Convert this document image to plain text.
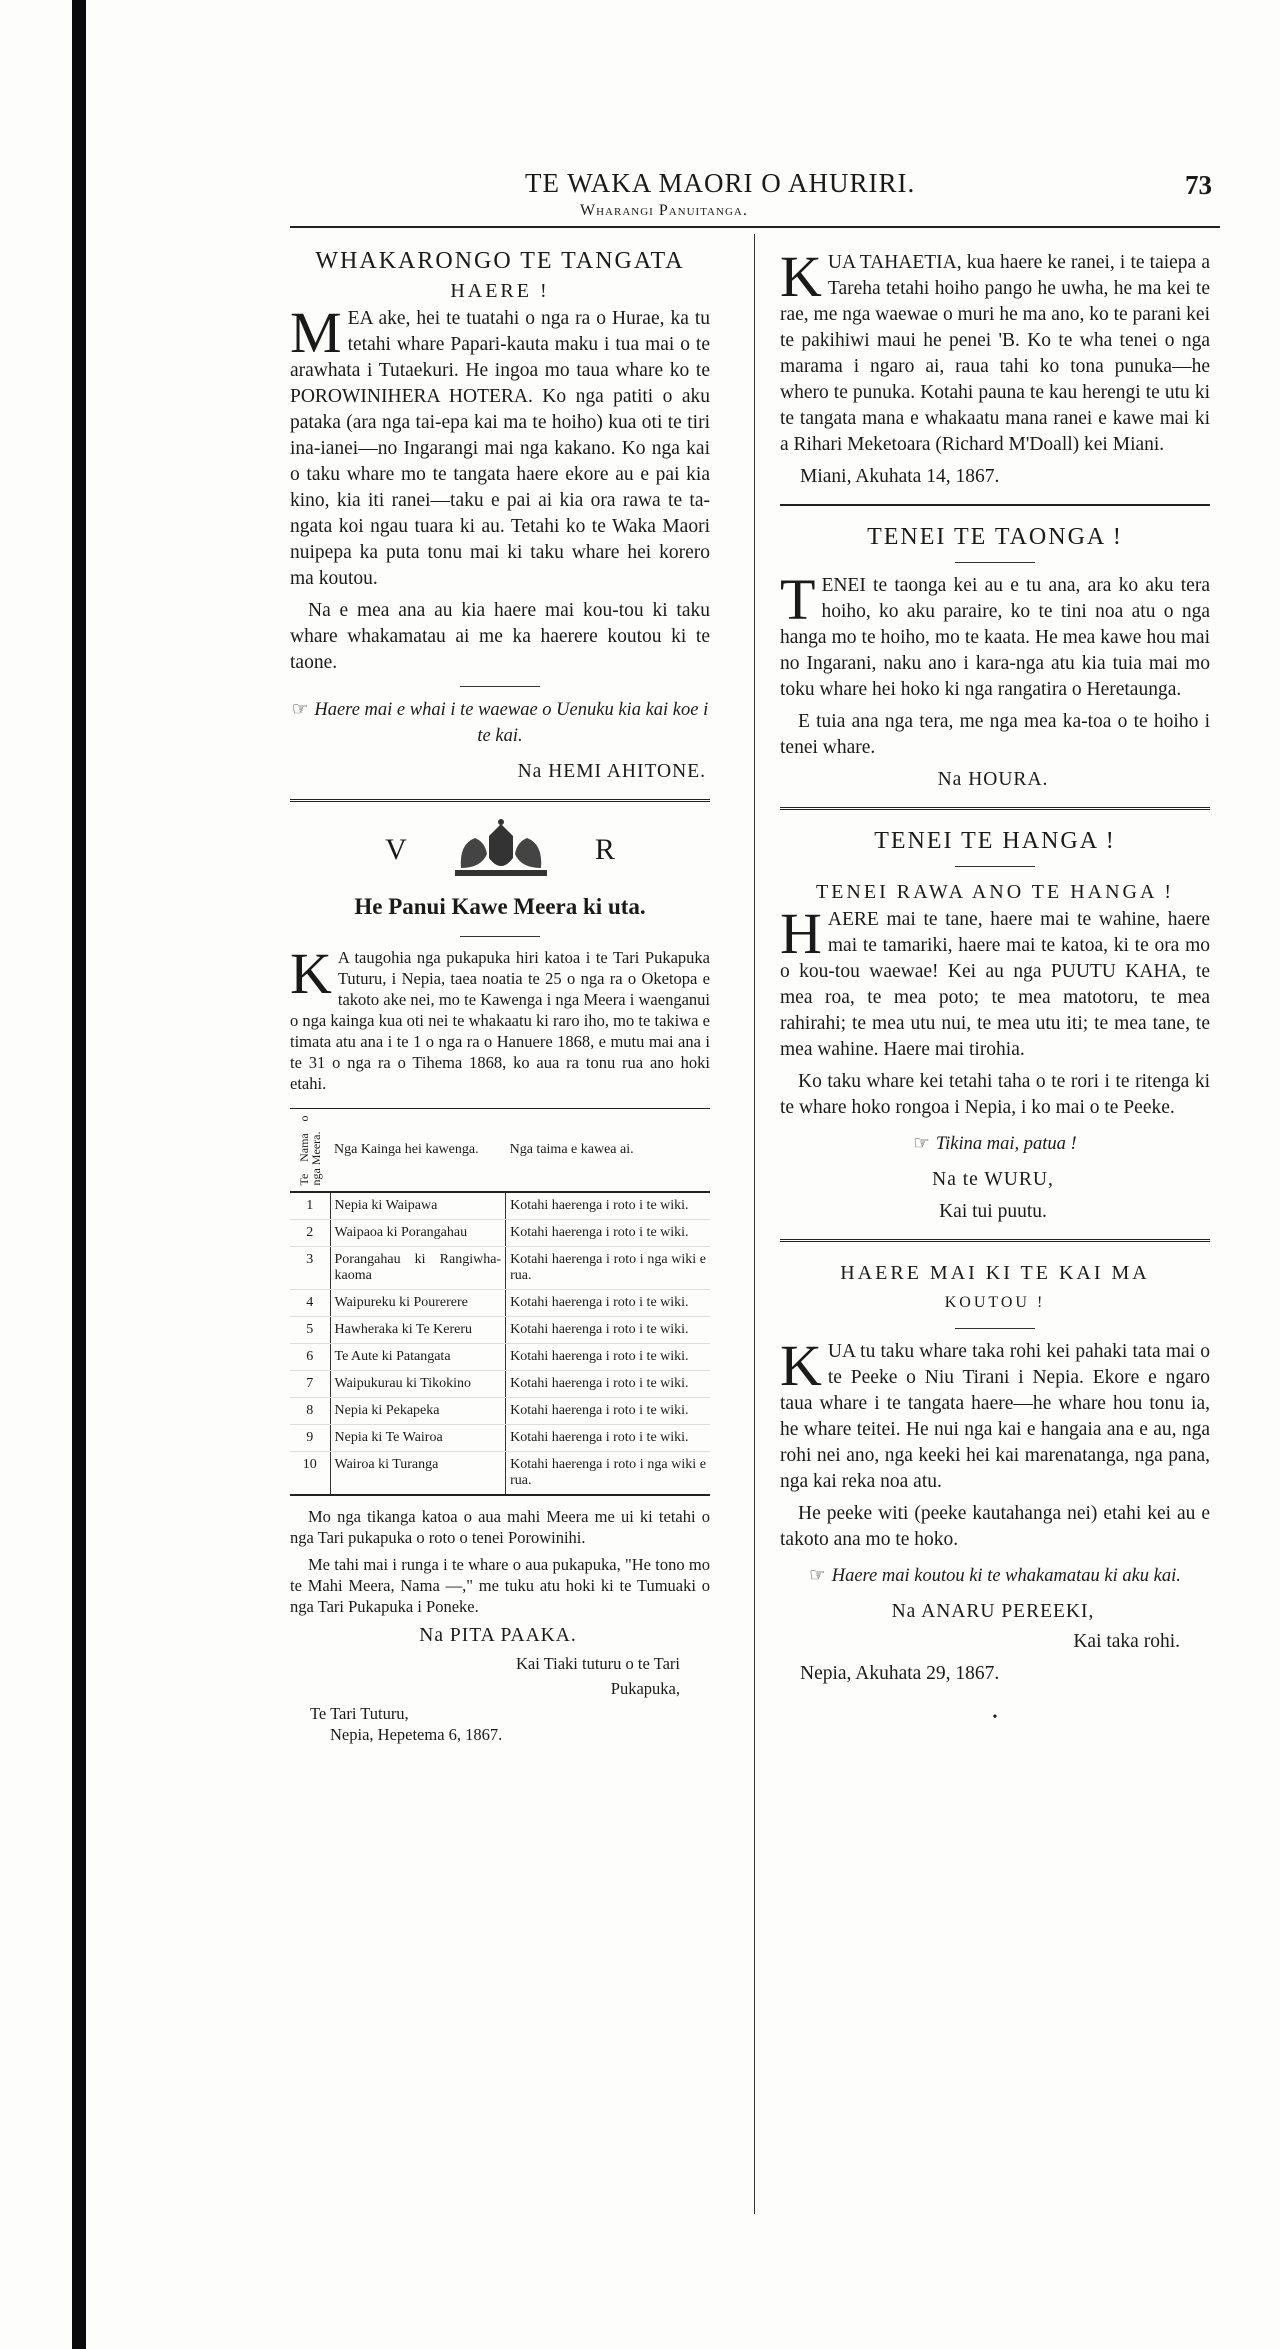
TE WAKA MAORI O AHURIRI.	73
Wharangi Panuitanga.
WHAKARONGO TE TANGATA
HAERE !

MEA ake, hei te tuatahi o nga ra o Hurae, ka tu tetahi whare Papari-kauta maku i tua mai o te arawhata i Tutaekuri. He ingoa mo taua whare ko te POROWINIHERA HOTERA. Ko nga patiti o aku pataka (ara nga tai-epa kai ma te hoiho) kua oti te tiri ina-ianei—no Ingarangi mai nga kakano. Ko nga kai o taku whare mo te tangata haere ekore au e pai kia kino, kia iti ranei—taku e pai ai kia ora rawa te ta-ngata koi ngau tuara ki au. Tetahi ko te Waka Maori nuipepa ka puta tonu mai ki taku whare hei korero ma koutou.

Na e mea ana au kia haere mai kou-tou ki taku whare whakamatau ai me ka haerere koutou ki te taone.

☞ Haere mai e whai i te waewae o Uenuku kia kai koe i te kai.
Na HEMI AHITONE.
V	R
He Panui Kawe Meera ki uta.

K A taugohia nga pukapuka hiri katoa i te Tari Pukapuka Tuturu, i Nepia, taea noatia te 25 o nga ra o Oketopa e takoto ake nei, mo te Kawenga i nga Meera i waenganui o nga kainga kua oti nei te whakaatu ki raro iho, mo te takiwa e timata atu ana i te 1 o nga ra o Hanuere 1868, e mutu mai ana i te 31 o nga ra o Tihema 1868, ko aua ra tonu rua ano hoki etahi.

Te Nama o nga Meera.	Nga Kainga hei kawenga.	Nga taima e kawea ai.
1	Nepia ki Waipawa	Kotahi haerenga i roto i te wiki.
2	Waipaoa ki Porangahau	Kotahi haerenga i roto i te wiki.
3	Porangahau ki Rangiwha-kaoma	Kotahi haerenga i roto i nga wiki e rua.
4	Waipureku ki Pourerere	Kotahi haerenga i roto i te wiki.
5	Hawheraka ki Te Kereru	Kotahi haerenga i roto i te wiki.
6	Te Aute ki Patangata	Kotahi haerenga i roto i te wiki.
7	Waipukurau ki Tikokino	Kotahi haerenga i roto i te wiki.
8	Nepia ki Pekapeka	Kotahi haerenga i roto i te wiki.
9	Nepia ki Te Wairoa	Kotahi haerenga i roto i te wiki.
10	Wairoa ki Turanga	Kotahi haerenga i roto i nga wiki e rua.

Mo nga tikanga katoa o aua mahi Meera me ui ki tetahi o nga Tari pukapuka o roto o tenei Porowinihi.

Me tahi mai i runga i te whare o aua pukapuka, "He tono mo te Mahi Meera, Nama —," me tuku atu hoki ki te Tumuaki o nga Tari Pukapuka i Poneke.

Na PITA PAAKA.
Kai Tiaki tuturu o te Tari
Pukapuka,
Te Tari Tuturu,
Nepia, Hepetema 6, 1867.

KUA TAHAETIA, kua haere ke ranei, i te taiepa a Tareha tetahi hoiho pango he uwha, he ma kei te rae, me nga waewae o muri he ma ano, ko te parani kei te pakihiwi maui he penei 'B. Ko te wha tenei o nga marama i ngaro ai, raua tahi ko tona punuka—he whero te punuka. Kotahi pauna te kau herengi te utu ki te tangata mana e whakaatu mana ranei e kawe mai ki a Rihari Meketoara (Richard M'Doall) kei Miani.

Miani, Akuhata 14, 1867.
TENEI TE TAONGA !

TENEI te taonga kei au e tu ana, ara ko aku tera hoiho, ko aku paraire, ko te tini noa atu o nga hanga mo te hoiho, mo te kaata. He mea kawe hou mai no Ingarani, naku ano i kara-nga atu kia tuia mai mo toku whare hei hoko ki nga rangatira o Heretaunga.

E tuia ana nga tera, me nga mea ka-toa o te hoiho i tenei whare.

Na HOURA.
TENEI TE HANGA !
TENEI RAWA ANO TE HANGA !

HAERE mai te tane, haere mai te wahine, haere mai te tamariki, haere mai te katoa, ki te ora mo o kou-tou waewae! Kei au nga PUUTU KAHA, te mea roa, te mea poto; te mea matotoru, te mea rahirahi; te mea utu nui, te mea utu iti; te mea tane, te mea wahine. Haere mai tirohia.

Ko taku whare kei tetahi taha o te rori i te ritenga ki te whare hoko rongoa i Nepia, i ko mai o te Peeke.

☞ Tikina mai, patua !
Na te WURU,
Kai tui puutu.
HAERE MAI KI TE KAI MA
KOUTOU !

KUA tu taku whare taka rohi kei pahaki tata mai o te Peeke o Niu Tirani i Nepia. Ekore e ngaro taua whare i te tangata haere—he whare hou tonu ia, he whare teitei. He nui nga kai e hangaia ana e au, nga rohi nei ano, nga keeki hei kai marenatanga, nga pana, nga kai reka noa atu.

He peeke witi (peeke kautahanga nei) etahi kei au e takoto ana mo te hoko.

☞ Haere mai koutou ki te whakamatau ki aku kai.
Na ANARU PEREEKI,
Kai taka rohi.
Nepia, Akuhata 29, 1867.
•
